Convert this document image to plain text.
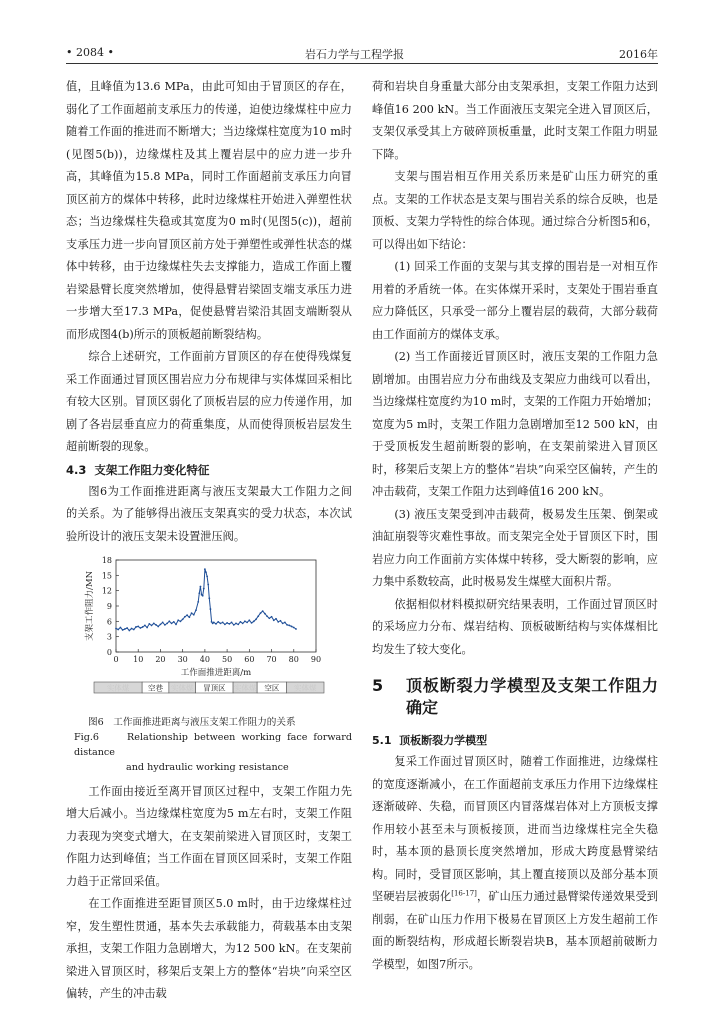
• 2084 •	岩石力学与工程学报	2016年

值，且峰值为13.6 MPa，由此可知由于冒顶区的存在，弱化了工作面超前支承压力的传递，迫使边缘煤柱中应力随着工作面的推进而不断增大；当边缘煤柱宽度为10 m时(见图5(b))，边缘煤柱及其上覆岩层中的应力进一步升高，其峰值为15.8 MPa，同时工作面超前支承压力向冒顶区前方的煤体中转移，此时边缘煤柱开始进入弹塑性状态；当边缘煤柱失稳或其宽度为0 m时(见图5(c))，超前支承压力进一步向冒顶区前方处于弹塑性或弹性状态的煤体中转移，由于边缘煤柱失去支撑能力，造成工作面上覆岩梁悬臂长度突然增加，使得悬臂岩梁固支端支承压力进一步增大至17.3 MPa，促使悬臂岩梁沿其固支端断裂从而形成图4(b)所示的顶板超前断裂结构。

综合上述研究，工作面前方冒顶区的存在使得残煤复采工作面通过冒顶区围岩应力分布规律与实体煤回采相比有较大区别。冒顶区弱化了顶板岩层的应力传递作用，加剧了各岩层垂直应力的荷重集度，从而使得顶板岩层发生超前断裂的现象。

4.3 支架工作阻力变化特征

图6为工作面推进距离与液压支架最大工作阻力之间的关系。为了能够得出液压支架真实的受力状态，本次试验所设计的液压支架未设置泄压阀。

0 10 20 30 40 50 60 70 80 90
0
3
6
9
12
15
18
工作面推进距离/m
支架工作阻力/MN
实体煤 空巷 实体煤 冒顶区 实体煤 空区 实体煤
图6　工作面推进距离与液压支架工作阻力的关系
Fig.6　　Relationship between working face forward distance
and hydraulic working resistance

工作面由接近至离开冒顶区过程中，支架工作阻力先增大后减小。当边缘煤柱宽度为5 m左右时，支架工作阻力表现为突变式增大，在支架前梁进入冒顶区时，支架工作阻力达到峰值；当工作面在冒顶区回采时，支架工作阻力趋于正常回采值。

在工作面推进至距冒顶区5.0 m时，由于边缘煤柱过窄，发生塑性贯通，基本失去承载能力，荷载基本由支架承担，支架工作阻力急剧增大，为12 500 kN。在支架前梁进入冒顶区时，移架后支架上方的整体“岩块”向采空区偏转，产生的冲击载

荷和岩块自身重量大部分由支架承担，支架工作阻力达到峰值16 200 kN。当工作面液压支架完全进入冒顶区后，支架仅承受其上方破碎顶板重量，此时支架工作阻力明显下降。

支架与围岩相互作用关系历来是矿山压力研究的重点。支架的工作状态是支架与围岩关系的综合反映，也是顶板、支架力学特性的综合体现。通过综合分析图5和6，可以得出如下结论：

(1) 回采工作面的支架与其支撑的围岩是一对相互作用着的矛盾统一体。在实体煤开采时，支架处于围岩垂直应力降低区，只承受一部分上覆岩层的载荷，大部分载荷由工作面前方的煤体支承。

(2) 当工作面接近冒顶区时，液压支架的工作阻力急剧增加。由围岩应力分布曲线及支架应力曲线可以看出，当边缘煤柱宽度约为10 m时，支架的工作阻力开始增加；宽度为5 m时，支架工作阻力急剧增加至12 500 kN，由于受顶板发生超前断裂的影响，在支架前梁进入冒顶区时，移架后支架上方的整体“岩块”向采空区偏转，产生的冲击载荷，支架工作阻力达到峰值16 200 kN。

(3) 液压支架受到冲击载荷，极易发生压架、倒架或油缸崩裂等灾难性事故。而支架完全处于冒顶区下时，围岩应力向工作面前方实体煤中转移，受大断裂的影响，应力集中系数较高，此时极易发生煤壁大面积片帮。

依据相似材料模拟研究结果表明，工作面过冒顶区时的采场应力分布、煤岩结构、顶板破断结构与实体煤相比均发生了较大变化。

5	顶板断裂力学模型及支架工作阻力确定
5.1 顶板断裂力学模型

复采工作面过冒顶区时，随着工作面推进，边缘煤柱的宽度逐渐减小，在工作面超前支承压力作用下边缘煤柱逐渐破碎、失稳，而冒顶区内冒落煤岩体对上方顶板支撑作用较小甚至未与顶板接顶，进而当边缘煤柱完全失稳时，基本顶的悬顶长度突然增加，形成大跨度悬臂梁结构。同时，受冒顶区影响，其上覆直接顶以及部分基本顶坚硬岩层被弱化[16-17]，矿山压力通过悬臂梁传递效果受到削弱，在矿山压力作用下极易在冒顶区上方发生超前工作面的断裂结构，形成超长断裂岩块B，基本顶超前破断力学模型，如图7所示。
